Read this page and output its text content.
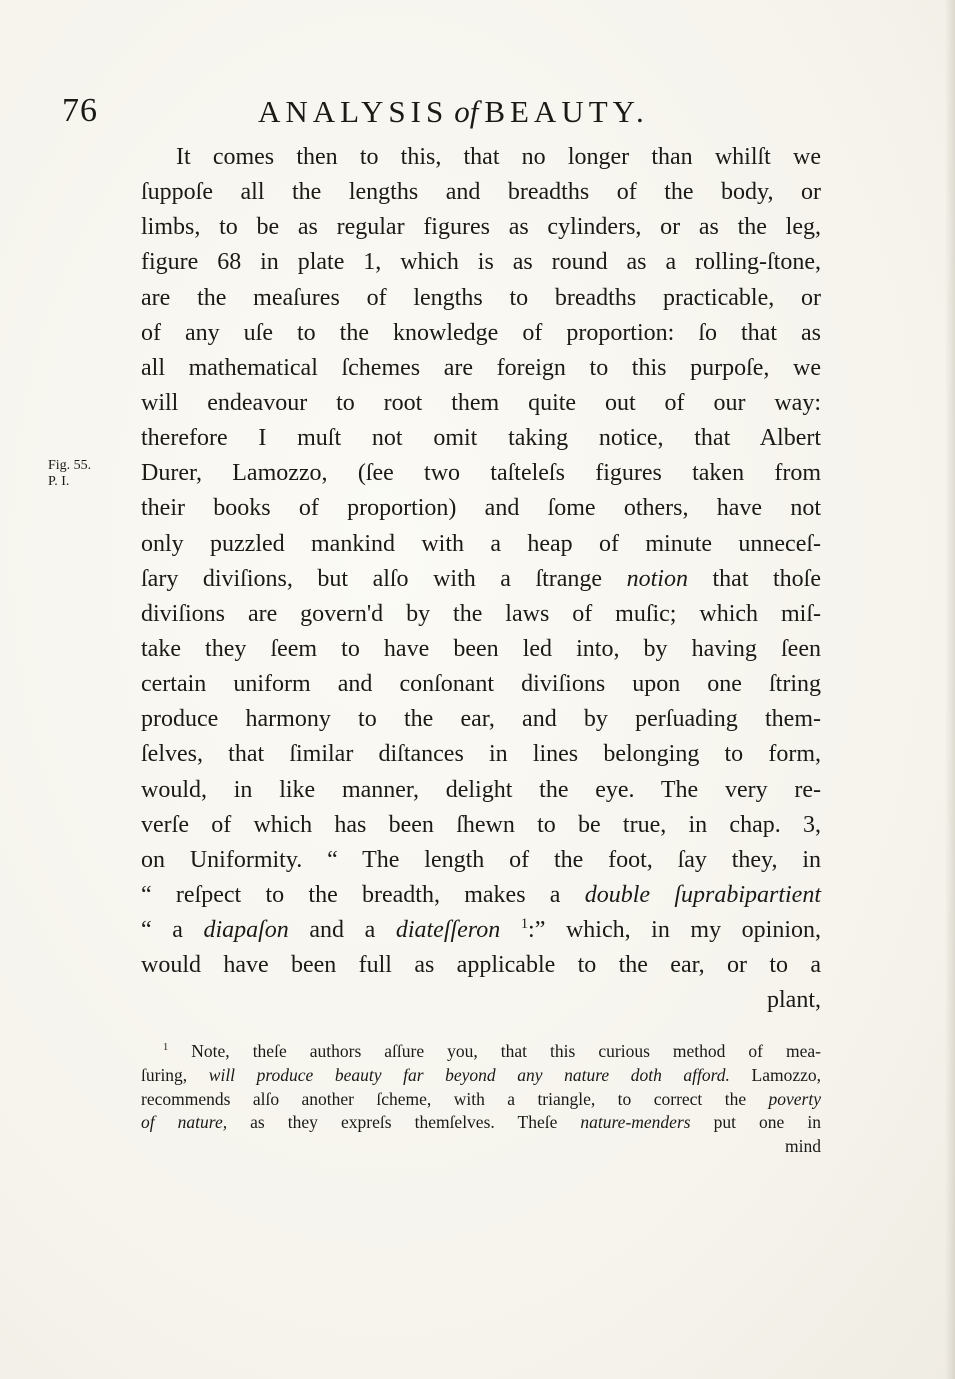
76	ANALYSIS of BEAUTY.
Fig. 55.
P. I.
It comes then to this, that no longer than whilſt we
ſuppoſe all the lengths and breadths of the body, or
limbs, to be as regular figures as cylinders, or as the leg,
figure 68 in plate 1, which is as round as a rolling-ſtone,
are the meaſures of lengths to breadths practicable, or
of any uſe to the knowledge of proportion: ſo that as
all mathematical ſchemes are foreign to this purpoſe, we
will endeavour to root them quite out of our way:
therefore I muſt not omit taking notice, that Albert
Durer, Lamozzo, (ſee two taſteleſs figures taken from
their books of proportion) and ſome others, have not
only puzzled mankind with a heap of minute unneceſ-
ſary diviſions, but alſo with a ſtrange notion that thoſe
diviſions are govern'd by the laws of muſic; which miſ-
take they ſeem to have been led into, by having ſeen
certain uniform and conſonant diviſions upon one ſtring
produce harmony to the ear, and by perſuading them-
ſelves, that ſimilar diſtances in lines belonging to form,
would, in like manner, delight the eye. The very re-
verſe of which has been ſhewn to be true, in chap. 3,
on Uniformity. “ The length of the foot, ſay they, in
“ reſpect to the breadth, makes a double ſuprabipartient
“ a diapaſon and a diateſſeron $^1$:” which, in my opinion,
would have been full as applicable to the ear, or to a
plant,
$^1$ Note, theſe authors aſſure you, that this curious method of mea-
ſuring, will produce beauty far beyond any nature doth afford. Lamozzo,
recommends alſo another ſcheme, with a triangle, to correct the poverty
of nature, as they expreſs themſelves. Theſe nature-menders put one in
mind
